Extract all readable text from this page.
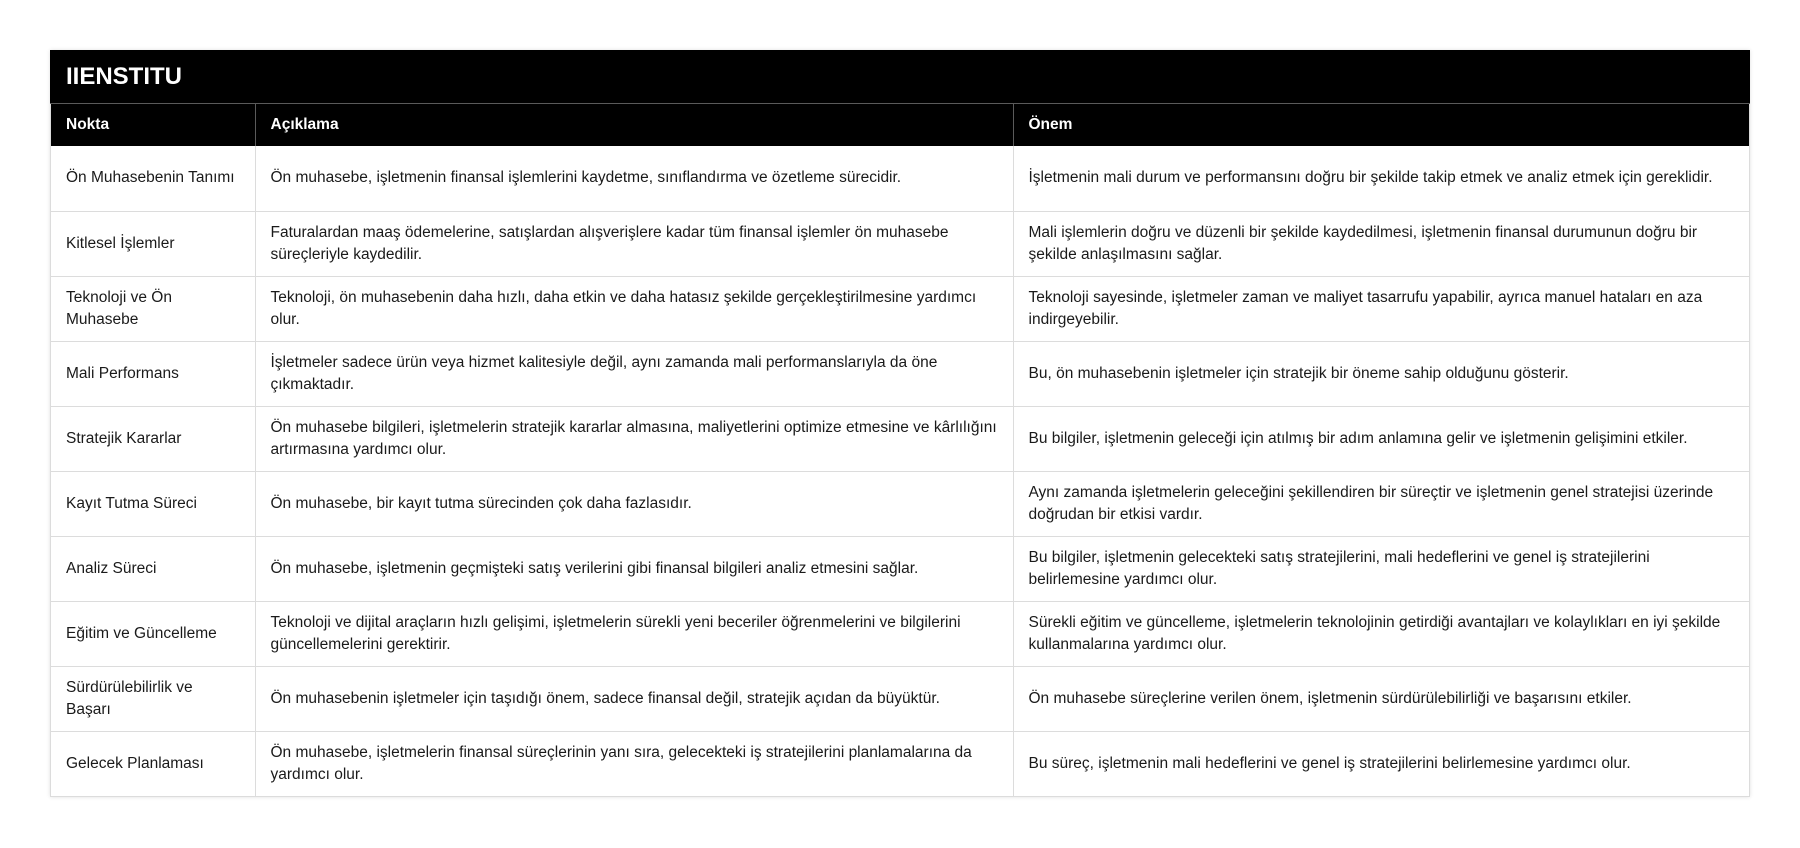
IIENSTITU
Nokta	Açıklama	Önem
Ön Muhasebenin Tanımı	Ön muhasebe, işletmenin finansal işlemlerini kaydetme, sınıflandırma ve özetleme sürecidir.	İşletmenin mali durum ve performansını doğru bir şekilde takip etmek ve analiz etmek için gereklidir.
Kitlesel İşlemler	Faturalardan maaş ödemelerine, satışlardan alışverişlere kadar tüm finansal işlemler ön muhasebe süreçleriyle kaydedilir.	Mali işlemlerin doğru ve düzenli bir şekilde kaydedilmesi, işletmenin finansal durumunun doğru bir şekilde anlaşılmasını sağlar.
Teknoloji ve Ön Muhasebe	Teknoloji, ön muhasebenin daha hızlı, daha etkin ve daha hatasız şekilde gerçekleştirilmesine yardımcı olur.	Teknoloji sayesinde, işletmeler zaman ve maliyet tasarrufu yapabilir, ayrıca manuel hataları en aza indirgeyebilir.
Mali Performans	İşletmeler sadece ürün veya hizmet kalitesiyle değil, aynı zamanda mali performanslarıyla da öne çıkmaktadır.	Bu, ön muhasebenin işletmeler için stratejik bir öneme sahip olduğunu gösterir.
Stratejik Kararlar	Ön muhasebe bilgileri, işletmelerin stratejik kararlar almasına, maliyetlerini optimize etmesine ve kârlılığını artırmasına yardımcı olur.	Bu bilgiler, işletmenin geleceği için atılmış bir adım anlamına gelir ve işletmenin gelişimini etkiler.
Kayıt Tutma Süreci	Ön muhasebe, bir kayıt tutma sürecinden çok daha fazlasıdır.	Aynı zamanda işletmelerin geleceğini şekillendiren bir süreçtir ve işletmenin genel stratejisi üzerinde doğrudan bir etkisi vardır.
Analiz Süreci	Ön muhasebe, işletmenin geçmişteki satış verilerini gibi finansal bilgileri analiz etmesini sağlar.	Bu bilgiler, işletmenin gelecekteki satış stratejilerini, mali hedeflerini ve genel iş stratejilerini belirlemesine yardımcı olur.
Eğitim ve Güncelleme	Teknoloji ve dijital araçların hızlı gelişimi, işletmelerin sürekli yeni beceriler öğrenmelerini ve bilgilerini güncellemelerini gerektirir.	Sürekli eğitim ve güncelleme, işletmelerin teknolojinin getirdiği avantajları ve kolaylıkları en iyi şekilde kullanmalarına yardımcı olur.
Sürdürülebilirlik ve Başarı	Ön muhasebenin işletmeler için taşıdığı önem, sadece finansal değil, stratejik açıdan da büyüktür.	Ön muhasebe süreçlerine verilen önem, işletmenin sürdürülebilirliği ve başarısını etkiler.
Gelecek Planlaması	Ön muhasebe, işletmelerin finansal süreçlerinin yanı sıra, gelecekteki iş stratejilerini planlamalarına da yardımcı olur.	Bu süreç, işletmenin mali hedeflerini ve genel iş stratejilerini belirlemesine yardımcı olur.
